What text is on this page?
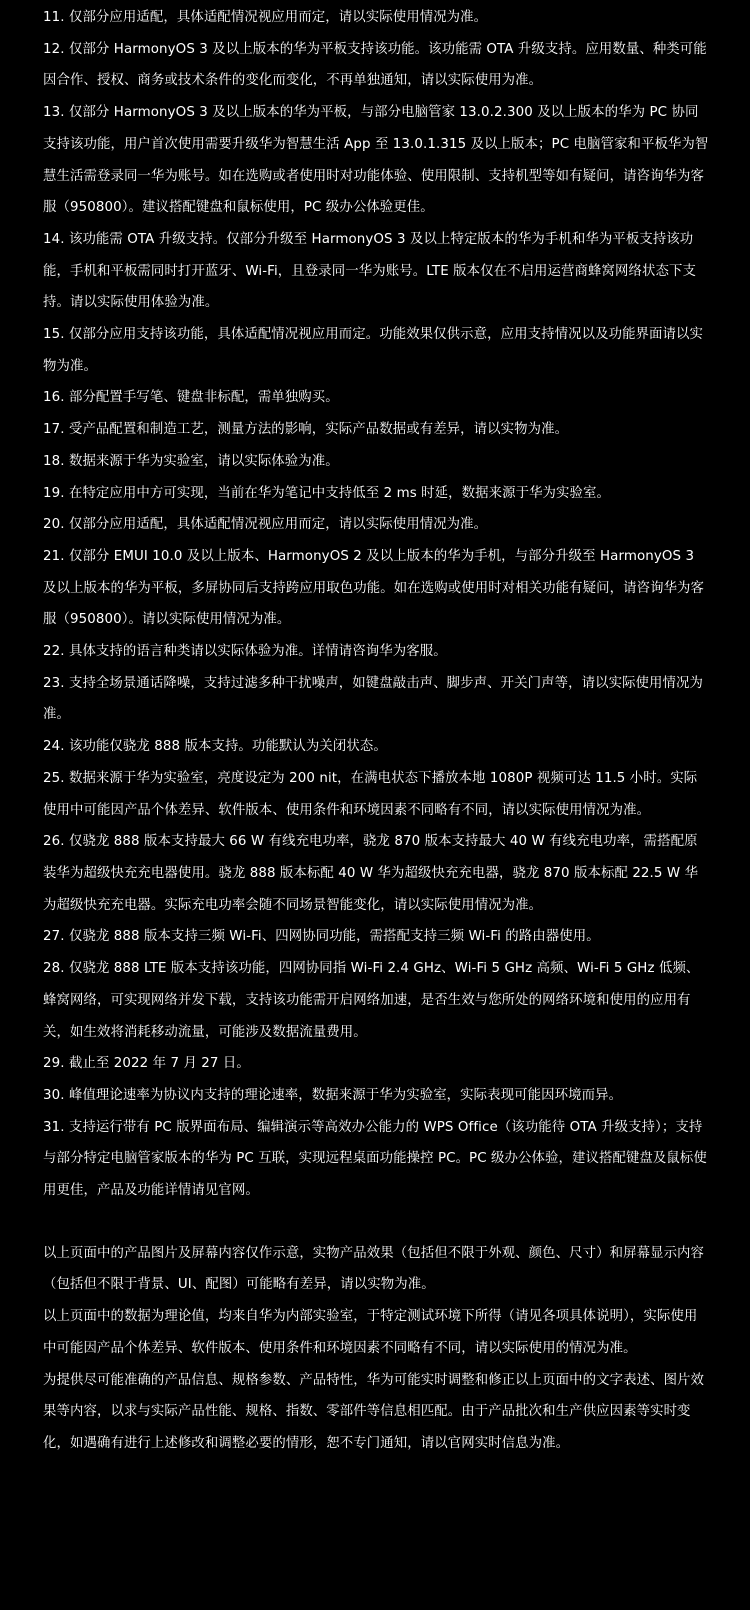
11. 仅部分应用适配，具体适配情况视应用而定，请以实际使用情况为准。

12. 仅部分 HarmonyOS 3 及以上版本的华为平板支持该功能。该功能需 OTA 升级支持。应用数量、种类可能因合作、授权、商务或技术条件的变化而变化，不再单独通知，请以实际使用为准。

13. 仅部分 HarmonyOS 3 及以上版本的华为平板，与部分电脑管家 13.0.2.300 及以上版本的华为 PC 协同支持该功能，用户首次使用需要升级华为智慧生活 App 至 13.0.1.315 及以上版本；PC 电脑管家和平板华为智慧生活需登录同一华为账号。如在选购或者使用时对功能体验、使用限制、支持机型等如有疑问，请咨询华为客服（950800）。建议搭配键盘和鼠标使用，PC 级办公体验更佳。

14. 该功能需 OTA 升级支持。仅部分升级至 HarmonyOS 3 及以上特定版本的华为手机和华为平板支持该功能，手机和平板需同时打开蓝牙、Wi-Fi，且登录同一华为账号。LTE 版本仅在不启用运营商蜂窝网络状态下支持。请以实际使用体验为准。

15. 仅部分应用支持该功能，具体适配情况视应用而定。功能效果仅供示意，应用支持情况以及功能界面请以实物为准。

16. 部分配置手写笔、键盘非标配，需单独购买。

17. 受产品配置和制造工艺，测量方法的影响，实际产品数据或有差异，请以实物为准。

18. 数据来源于华为实验室，请以实际体验为准。

19. 在特定应用中方可实现，当前在华为笔记中支持低至 2 ms 时延，数据来源于华为实验室。

20. 仅部分应用适配，具体适配情况视应用而定，请以实际使用情况为准。

21. 仅部分 EMUI 10.0 及以上版本、HarmonyOS 2 及以上版本的华为手机，与部分升级至 HarmonyOS 3 及以上版本的华为平板，多屏协同后支持跨应用取色功能。如在选购或使用时对相关功能有疑问，请咨询华为客服（950800）。请以实际使用情况为准。

22. 具体支持的语言种类请以实际体验为准。详情请咨询华为客服。

23. 支持全场景通话降噪，支持过滤多种干扰噪声，如键盘敲击声、脚步声、开关门声等，请以实际使用情况为准。

24. 该功能仅骁龙 888 版本支持。功能默认为关闭状态。

25. 数据来源于华为实验室，亮度设定为 200 nit，在满电状态下播放本地 1080P 视频可达 11.5 小时。实际使用中可能因产品个体差异、软件版本、使用条件和环境因素不同略有不同，请以实际使用情况为准。

26. 仅骁龙 888 版本支持最大 66 W 有线充电功率，骁龙 870 版本支持最大 40 W 有线充电功率，需搭配原装华为超级快充充电器使用。骁龙 888 版本标配 40 W 华为超级快充充电器，骁龙 870 版本标配 22.5 W 华为超级快充充电器。实际充电功率会随不同场景智能变化，请以实际使用情况为准。

27. 仅骁龙 888 版本支持三频 Wi-Fi、四网协同功能，需搭配支持三频 Wi-Fi 的路由器使用。

28. 仅骁龙 888 LTE 版本支持该功能，四网协同指 Wi-Fi 2.4 GHz、Wi-Fi 5 GHz 高频、Wi-Fi 5 GHz 低频、蜂窝网络，可实现网络并发下载，支持该功能需开启网络加速，是否生效与您所处的网络环境和使用的应用有关，如生效将消耗移动流量，可能涉及数据流量费用。

29. 截止至 2022 年 7 月 27 日。

30. 峰值理论速率为协议内支持的理论速率，数据来源于华为实验室，实际表现可能因环境而异。

31. 支持运行带有 PC 版界面布局、编辑演示等高效办公能力的 WPS Office（该功能待 OTA 升级支持）；支持与部分特定电脑管家版本的华为 PC 互联，实现远程桌面功能操控 PC。PC 级办公体验，建议搭配键盘及鼠标使用更佳，产品及功能详情请见官网。

以上页面中的产品图片及屏幕内容仅作示意，实物产品效果（包括但不限于外观、颜色、尺寸）和屏幕显示内容（包括但不限于背景、UI、配图）可能略有差异，请以实物为准。

以上页面中的数据为理论值，均来自华为内部实验室，于特定测试环境下所得（请见各项具体说明），实际使用中可能因产品个体差异、软件版本、使用条件和环境因素不同略有不同，请以实际使用的情况为准。

为提供尽可能准确的产品信息、规格参数、产品特性，华为可能实时调整和修正以上页面中的文字表述、图片效果等内容，以求与实际产品性能、规格、指数、零部件等信息相匹配。由于产品批次和生产供应因素等实时变化，如遇确有进行上述修改和调整必要的情形，恕不专门通知，请以官网实时信息为准。
